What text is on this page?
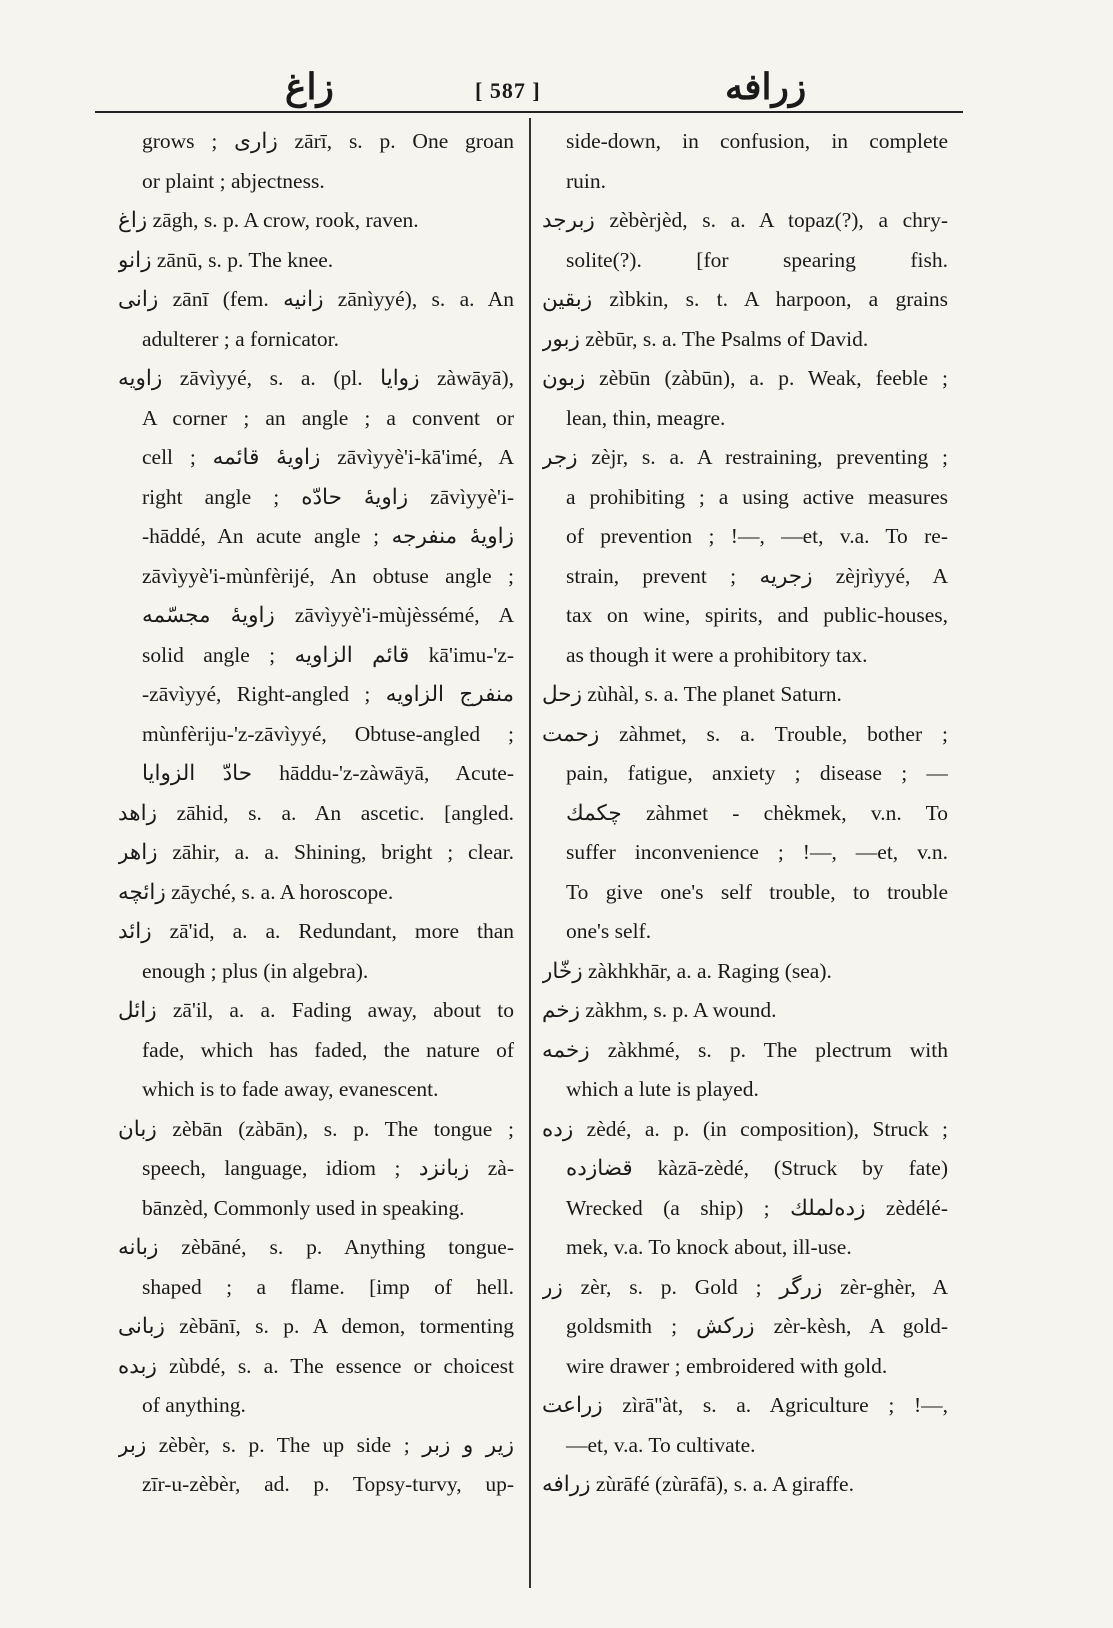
زاغ	[ 587 ]	زرافه
grows ; زاری zārī, s. p. One groan
or plaint ; abjectness.
زاغ zāgh, s. p. A crow, rook, raven.
زانو zānū, s. p. The knee.
زانی zānī (fem. زانیه zānìyyé), s. a. An
adulterer ; a fornicator.
زاویه zāvìyyé, s. a. (pl. زوایا zàwāyā),
A corner ; an angle ; a convent or
cell ; زاویهٔ قائمه zāvìyyè'i-kā'imé, A
right angle ; زاویهٔ حادّه zāvìyyè'i-
-hāddé, An acute angle ; زاویهٔ منفرجه
zāvìyyè'i-mùnfèrijé, An obtuse angle ;
زاویهٔ مجسّمه zāvìyyè'i-mùjèssémé, A
solid angle ; قائم الزاویه kā'imu-'z-
-zāvìyyé, Right-angled ; منفرج الزاویه
mùnfèriju-'z-zāvìyyé, Obtuse-angled ;
حادّ الزوایا hāddu-'z-zàwāyā, Acute-
زاهد zāhid, s. a. An ascetic. [angled.
زاهر zāhir, a. a. Shining, bright ; clear.
زائچه zāyché, s. a. A horoscope.
زائد zā'id, a. a. Redundant, more than
enough ; plus (in algebra).
زائل zā'il, a. a. Fading away, about to
fade, which has faded, the nature of
which is to fade away, evanescent.
زبان zèbān (zàbān), s. p. The tongue ;
speech, language, idiom ; زبانزد zà-
bānzèd, Commonly used in speaking.
زبانه zèbāné, s. p. Anything tongue-
shaped ; a flame. [imp of hell.
زبانی zèbānī, s. p. A demon, tormenting
زبده zùbdé, s. a. The essence or choicest
of anything.
زبر zèbèr, s. p. The up side ; زیر و زبر
zīr-u-zèbèr, ad. p. Topsy-turvy, up-
side-down, in confusion, in complete
ruin.
زبرجد zèbèrjèd, s. a. A topaz(?), a chry-
solite(?). [for spearing fish.
زبقین zìbkin, s. t. A harpoon, a grains
زبور zèbūr, s. a. The Psalms of David.
زبون zèbūn (zàbūn), a. p. Weak, feeble ;
lean, thin, meagre.
زجر zèjr, s. a. A restraining, preventing ;
a prohibiting ; a using active measures
of prevention ; !—, —et, v.a. To re-
strain, prevent ; زجریه zèjrìyyé, A
tax on wine, spirits, and public-houses,
as though it were a prohibitory tax.
زحل zùhàl, s. a. The planet Saturn.
زحمت zàhmet, s. a. Trouble, bother ;
pain, fatigue, anxiety ; disease ; —
چکمك zàhmet - chèkmek, v.n. To
suffer inconvenience ; !—, —et, v.n.
To give one's self trouble, to trouble
one's self.
زخّار zàkhkhār, a. a. Raging (sea).
زخم zàkhm, s. p. A wound.
زخمه zàkhmé, s. p. The plectrum with
which a lute is played.
زده zèdé, a. p. (in composition), Struck ;
قضازده kàzā-zèdé, (Struck by fate)
Wrecked (a ship) ; زده‌لملك zèdélé-
mek, v.a. To knock about, ill-use.
زر zèr, s. p. Gold ; زرگر zèr-ghèr, A
goldsmith ; زرکش zèr-kèsh, A gold-
wire drawer ; embroidered with gold.
زراعت zìrā''àt, s. a. Agriculture ; !—,
—et, v.a. To cultivate.
زرافه zùrāfé (zùrāfā), s. a. A giraffe.
